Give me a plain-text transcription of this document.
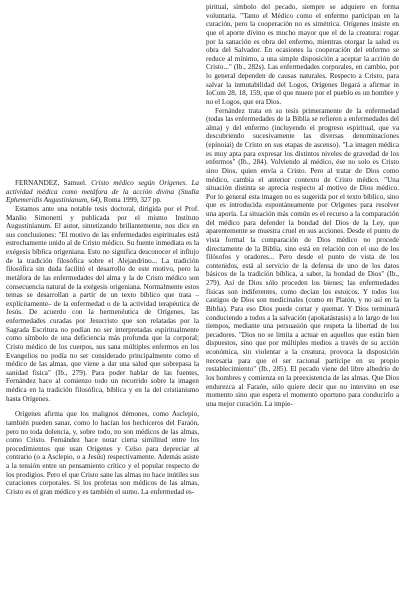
FERNANDEZ, Samuel. Cristo médico según Orígenes. La actividad médica como metáfora de la acción divina (Studia Ephemeridis Augustinianum, 64), Roma 1999, 327 pp.

Estamos ante una notable tesis doctoral, dirigida por el Prof. Manlio Simonetti y publicada por el mismo Instituto Augustinianum. El autor, sintetizando brillantemente, nos dice en sus conclusiones: "El motivo de las enfermedades espirituales está estrechamente unido al de Cristo médico. Su fuente inmediata es la exégesis bíblica origeniana. Esto no significa desconocer el influjo de la tradición filosófica sobre el Alejandrino... La tradición filosófica sin duda facilitó el desarrollo de este motivo, pero la metáfora de las enfermedades del alma y la de Cristo médico son consecuencia natural de la exégesis origeniana. Normalmente estos temas se desarrollan a partir de un texto bíblico que trata –explícitamente– de la enfermedad o de la actividad terapéutica de Jesús. De acuerdo con la hermenéutica de Orígenes, las enfermedades curadas por Jesucristo que son relatadas por la Sagrada Escritura no podían no ser interpretadas espiritualmente como símbolo de una deficiencia más profunda que la corporal; Cristo médico de los cuerpos, sus sana múltiples enfermos en los Evangelios no podía no ser considerado principalmente como el médico de las almas, que viene a dar una salud que sobrepasa la sanidad física" (Ib., 279). Para poder hablar de las fuentes, Fernández hace al comienzo todo un recorrido sobre la imagen médica en la tradición filosófica, bíblica y en la del cristianismo hasta Orígenes.

Orígenes afirma que los malignos démones, como Asclepio, también pueden sanar, como lo hacían los hechiceros del Faraón, pero no toda dolencia, y, sobre todo, no son médicos de las almas, como Cristo. Fernández hace notar cierta similitud entre los procedimientos que usan Orígenes y Celso para depreciar al contrario (o a Asclepio, o a Jesús) respectivamente. Además asiste a la tensión entre un pensamiento crítico y el popular respecto de los prodigios. Pero el que Cristo sane las almas no hace inútiles sus curaciones corporales. Si los profetas son médicos de las almas, Cristo es el gran médico y es también el sumo. La enfermedad es-

piritual, símbolo del pecado, siempre se adquiere en forma voluntaria. "Tanto el Médico como el enfermo participan en la curación, pero la cooperación no es simétrica. Orígenes insiste en que el aporte divino es mucho mayor que el de la creatura: rogar por la sanación es obra del enfermo, mientras otorgar la salud es obra del Salvador. En ocasiones la cooperación del enfermo se reduce al mínimo, a una simple disposición a aceptar la acción de Cristo..." (Ib., 282s). Las enfermedades corporales, en cambio, por lo general dependen de causas naturales. Respecto a Cristo, para salvar la inmutabilidad del Logos, Orígenes llegará a afirmar in IoCom 28, 18, 159, que el que muere por el pueblo es un hombre y no el Logos, que era Dios.

Fernández trata en su tesis primeramente de la enfermedad (todas las enfermedades de la Biblia se refieren a enfermedades del alma) y del enfermo (incluyendo el progreso espiritual, que va descubriendo sucesivamente las diversas denominaciones (epínoiai) de Cristo en sus etapas de ascenso). "La imagen médica es muy apta para expresar los distintos niveles de gravedad de los enfermos" (Ib., 284). Volviendo al médico, ése no solo es Cristo sino Dios, quien envía a Cristo. Pero al tratar de Dios como médico, cambia el anterior contexto de Cristo médico. "Una situación distinta se aprecia respecto al motivo de Dios médico. Por lo general esta imagen no es sugerida por el texto bíblico, sino que es introducida espontáneamente por Orígenes para resolver una aporía. La situación más común es el recurso a la comparación del médico para defender la bondad del Dios de la Ley, que aparentemente se muestra cruel en sus acciones. Desde el punto de vista formal la comparación de Dios médico no procede directamente de la Biblia, sino está en relación con el uso de los filósofos y oradores... Pero desde el punto de vista de los contenidos, está al servicio de la defensa de uno de los datos básicos de la tradición bíblica, a saber, la bondad de Dios" (Ib., 279). Así de Dios sólo proceden los bienes; las enfermedades físicas son indiferentes, como decían los estoicos. Y todos los castigos de Dios son medicinales (como en Platón, y no así en la Biblia). Para eso Dios puede cortar y quemar. Y Dios terminará conduciendo a todos a la salvación (apokatástasis) a lo largo de los tiempos, mediante una persuasión que respeta la libertad de los pecadores. "Dios no se limita a actuar en aquellos que están bien dispuestos, sino que por múltiples medios a través de su acción económica, sin violentar a la creatura, provoca la disposición necesaria para que el ser racional participe en su propio restablecimiento" (Ib., 285). El pecado viene del libre albedrío de los hombres y comienza en la preexistencia de las almas. Que Dios endurezca al Faraón, sólo quiere decir que no intervino en ese momento sino que espera el momento oportuno para conducirlo a una mejor curación. La impie-
